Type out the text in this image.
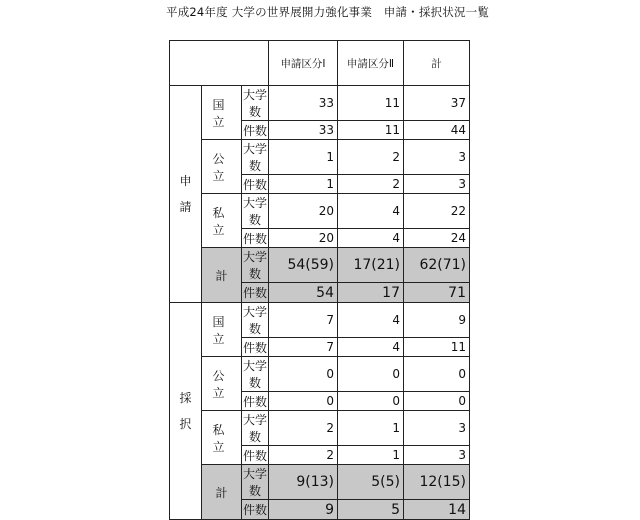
平成24年度 大学の世界展開力強化事業　申請・採択状況一覧
			申請区分Ⅰ	申請区分Ⅱ	計

申
請	国 立	大学数	33	11	37
		件数	33	11	44
	公 立	大学数	1	2	3
		件数	1	2	3
	私 立	大学数	20	4	22
		件数	20	4	24
	計	大学数	54(59)	17(21)	62(71)
		件数	54	17	71

採
択	国 立	大学数	7	4	9
		件数	7	4	11
	公 立	大学数	0	0	0
		件数	0	0	0
	私 立	大学数	2	1	3
		件数	2	1	3
	計	大学数	9(13)	5(5)	12(15)
		件数	9	5	14
